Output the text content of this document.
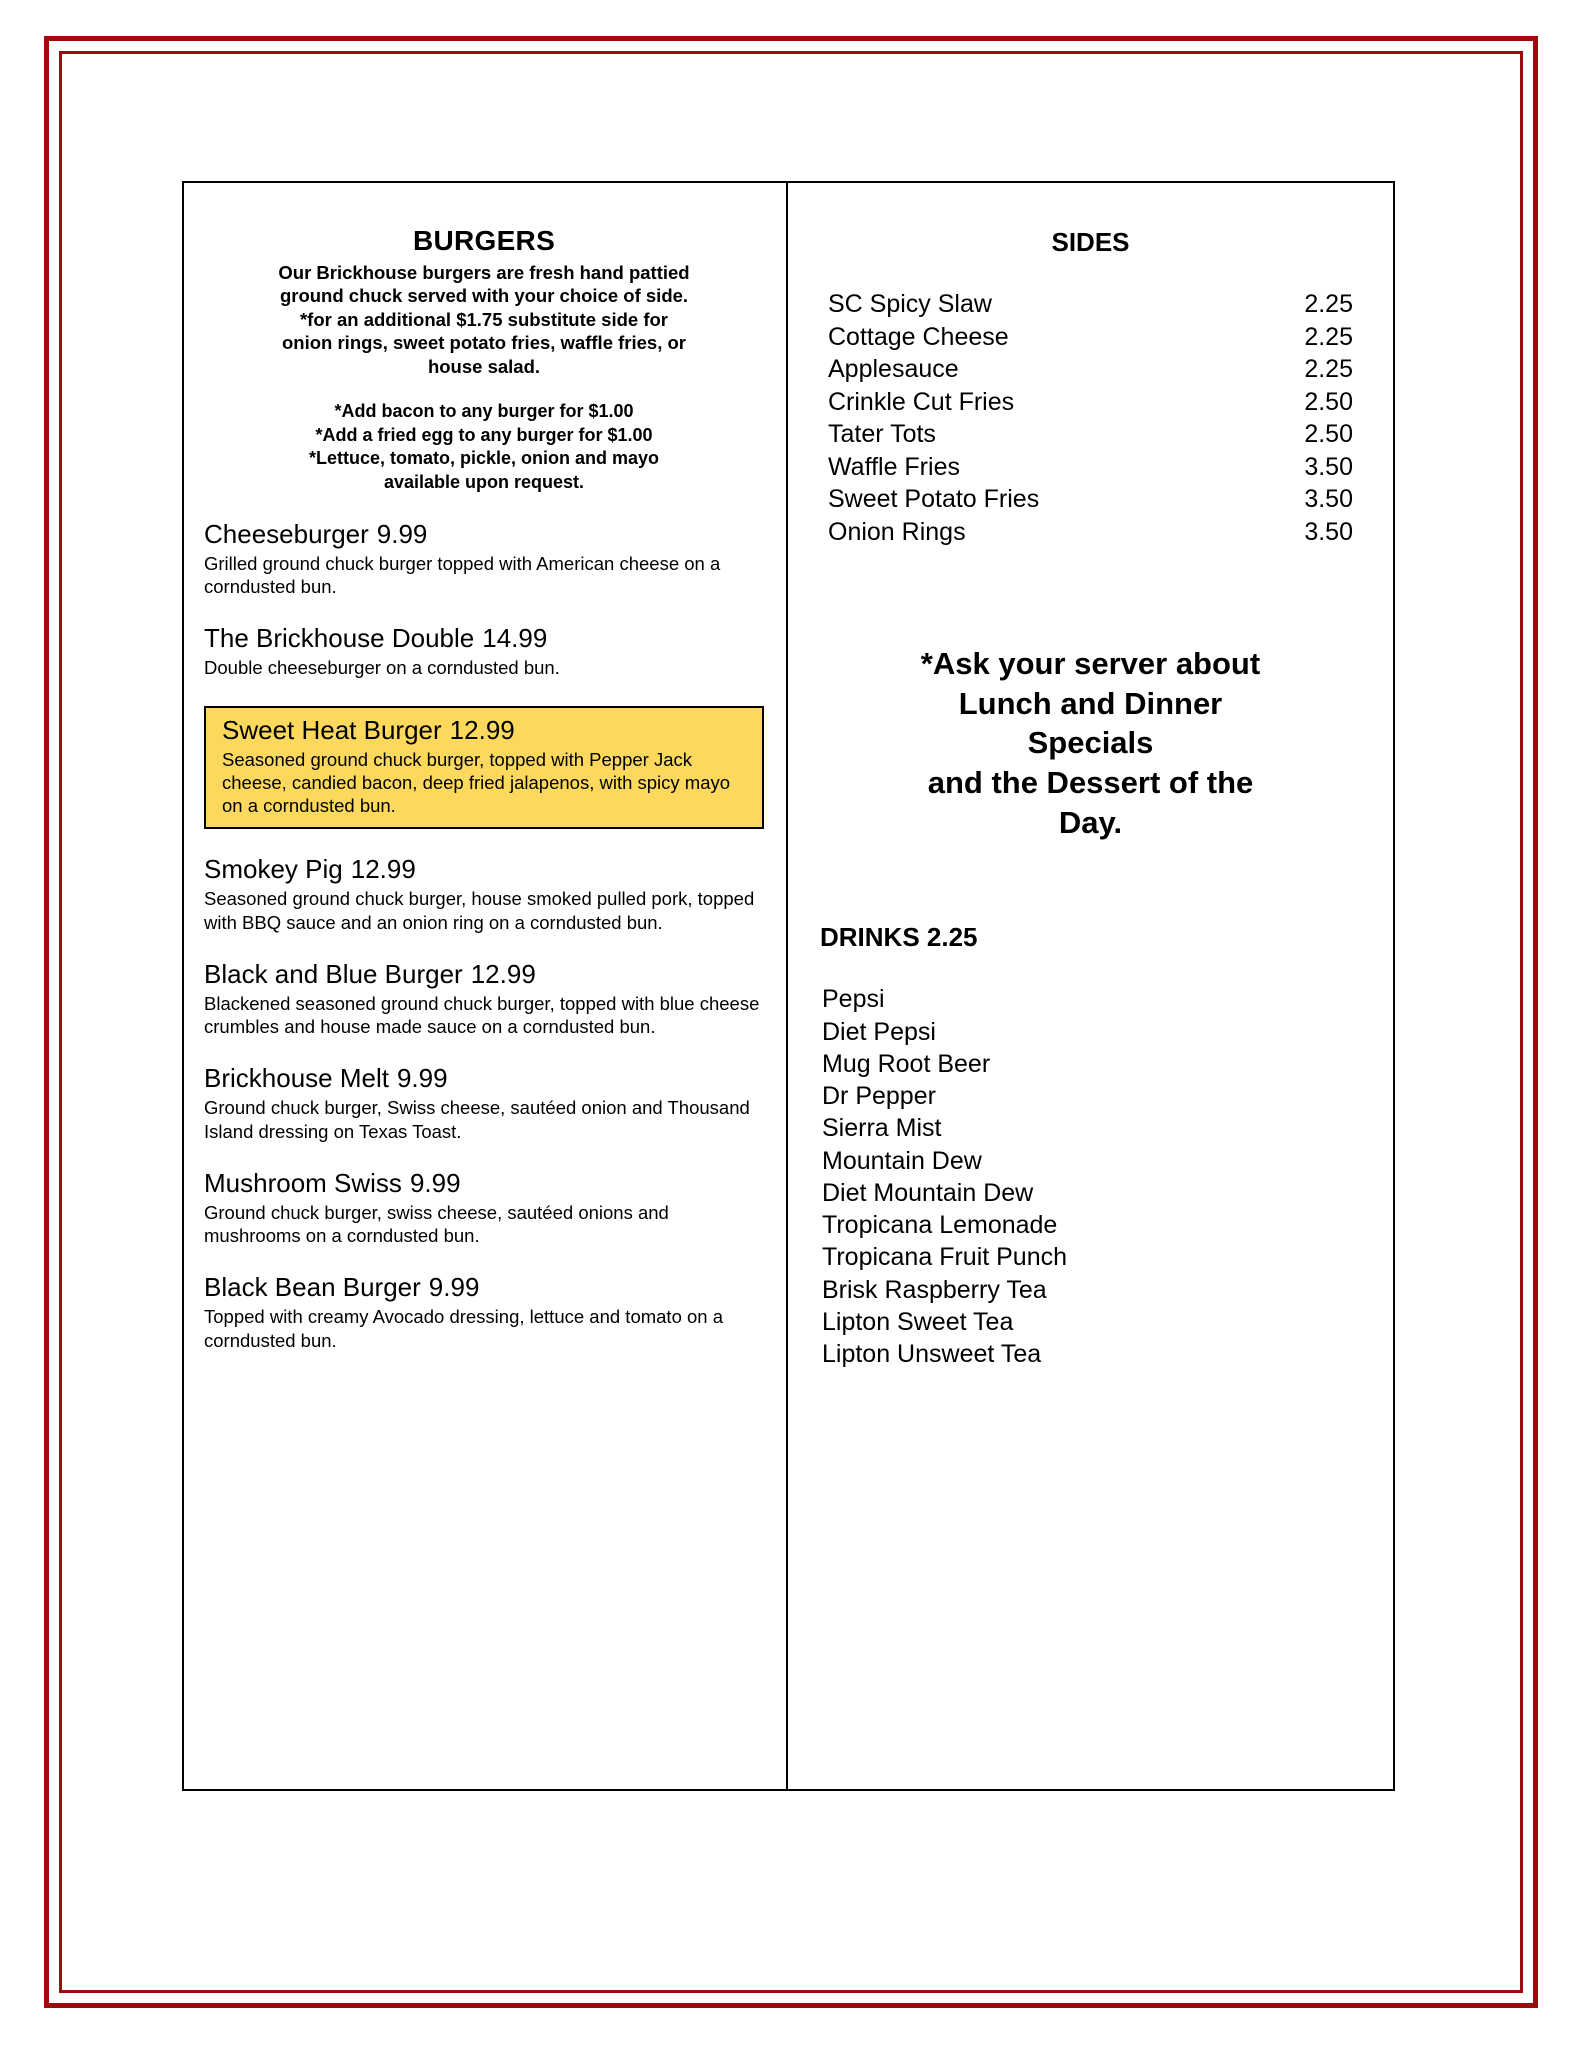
BURGERS
Our Brickhouse burgers are fresh hand pattied
ground chuck served with your choice of side.
*for an additional $1.75 substitute side for
onion rings, sweet potato fries, waffle fries, or
house salad.
*Add bacon to any burger for $1.00
*Add a fried egg to any burger for $1.00
*Lettuce, tomato, pickle, onion and mayo
available upon request.
Cheeseburger 9.99
Grilled ground chuck burger topped with American cheese on a corndusted bun.
The Brickhouse Double 14.99
Double cheeseburger on a corndusted bun.
Sweet Heat Burger 12.99
Seasoned ground chuck burger, topped with Pepper Jack cheese, candied bacon, deep fried jalapenos, with spicy mayo on a corndusted bun.
Smokey Pig 12.99
Seasoned ground chuck burger, house smoked pulled pork, topped with BBQ sauce and an onion ring on a corndusted bun.
Black and Blue Burger 12.99
Blackened seasoned ground chuck burger, topped with blue cheese crumbles and house made sauce on a corndusted bun.
Brickhouse Melt 9.99
Ground chuck burger, Swiss cheese, sautéed onion and Thousand Island dressing on Texas Toast.
Mushroom Swiss 9.99
Ground chuck burger, swiss cheese, sautéed onions and mushrooms on a corndusted bun.
Black Bean Burger 9.99
Topped with creamy Avocado dressing, lettuce and tomato on a corndusted bun.
SIDES
SC Spicy Slaw	2.25
Cottage Cheese	2.25
Applesauce	2.25
Crinkle Cut Fries	2.50
Tater Tots	2.50
Waffle Fries	3.50
Sweet Potato Fries	3.50
Onion Rings	3.50
*Ask your server about
Lunch and Dinner
Specials
and the Dessert of the
Day.
DRINKS 2.25
Pepsi
Diet Pepsi
Mug Root Beer
Dr Pepper
Sierra Mist
Mountain Dew
Diet Mountain Dew
Tropicana Lemonade
Tropicana Fruit Punch
Brisk Raspberry Tea
Lipton Sweet Tea
Lipton Unsweet Tea
